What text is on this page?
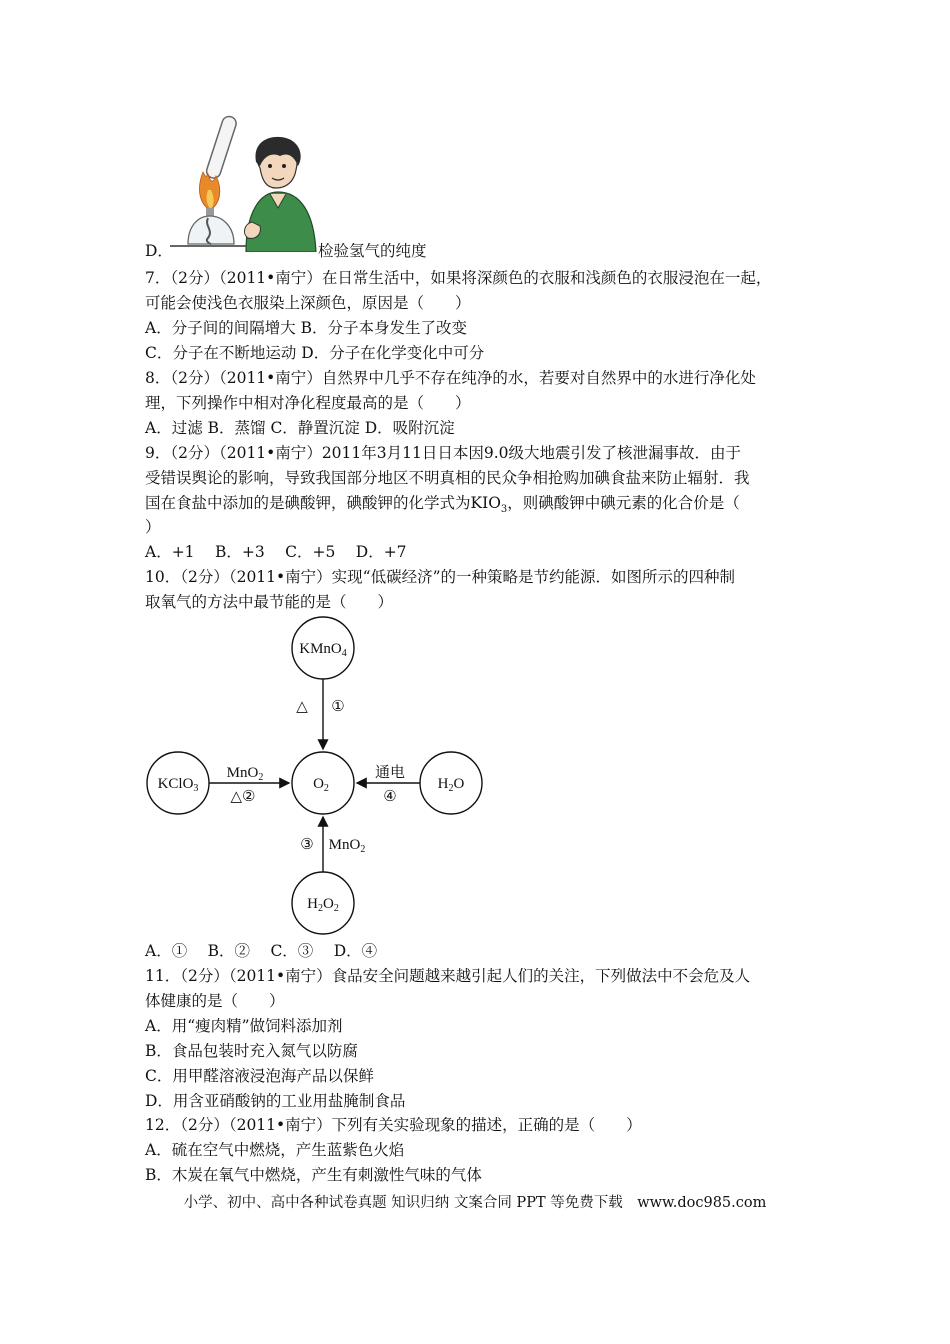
D．	检验氢气的纯度
7．（2分）（2011•南宁）在日常生活中，如果将深颜色的衣服和浅颜色的衣服浸泡在一起，
可能会使浅色衣服染上深颜色，原因是（　　）
A．分子间的间隔增大 B．分子本身发生了改变
C．分子在不断地运动 D．分子在化学变化中可分
8．（2分）（2011•南宁）自然界中几乎不存在纯净的水，若要对自然界中的水进行净化处
理，下列操作中相对净化程度最高的是（　　）
A．过滤 B．蒸馏 C．静置沉淀 D．吸附沉淀
9．（2分）（2011•南宁）2011年3月11日日本因9.0级大地震引发了核泄漏事故．由于
受错误舆论的影响，导致我国部分地区不明真相的民众争相抢购加碘食盐来防止辐射．我
国在食盐中添加的是碘酸钾，碘酸钾的化学式为$KIO_3$，则碘酸钾中碘元素的化合价是（
）
A．+1　 B．+3　 C．+5　 D．+7
10．（2分）（2011•南宁）实现“低碳经济”的一种策略是节约能源．如图所示的四种制
取氧气的方法中最节能的是（　　）
KMnO$_4$
$O_2$
KClO$_3$	$H_2O$
$H_2O_2$
△ ①
MnO$_2$
△②
通电
④
③ MnO$_2$
A．①　 B．②　 C．③　 D．④
11．（2分）（2011•南宁）食品安全问题越来越引起人们的关注，下列做法中不会危及人
体健康的是（　　）
A．用“瘦肉精”做饲料添加剂
B．食品包装时充入氮气以防腐
C．用甲醛溶液浸泡海产品以保鲜
D．用含亚硝酸钠的工业用盐腌制食品
12．（2分）（2011•南宁）下列有关实验现象的描述，正确的是（　　）
A．硫在空气中燃烧，产生蓝紫色火焰
B．木炭在氧气中燃烧，产生有刺激性气味的气体
小学、初中、高中各种试卷真题 知识归纳 文案合同 PPT 等免费下载　www.doc985.com
